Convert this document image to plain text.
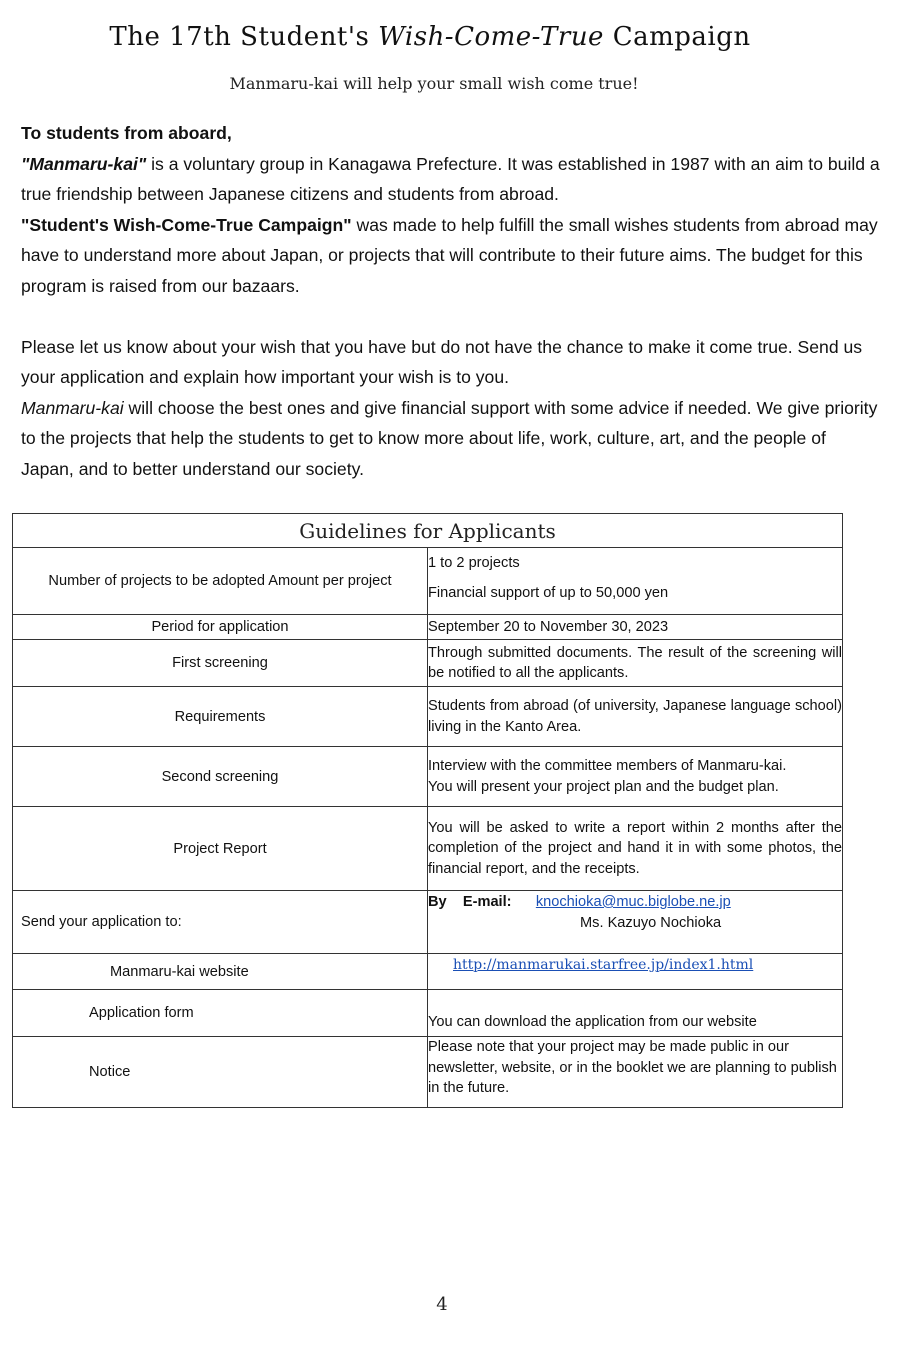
The 17th Student's Wish-Come-True Campaign
Manmaru-kai will help your small wish come true!

To students from aboard,

"Manmaru-kai" is a voluntary group in Kanagawa Prefecture. It was established in 1987 with an aim to build a true friendship between Japanese citizens and students from abroad.

"Student's Wish-Come-True Campaign" was made to help fulfill the small wishes students from abroad may have to understand more about Japan, or projects that will contribute to their future aims. The budget for this program is raised from our bazaars.

Please let us know about your wish that you have but do not have the chance to make it come true. Send us your application and explain how important your wish is to you.

Manmaru-kai will choose the best ones and give financial support with some advice if needed. We give priority to the projects that help the students to get to know more about life, work, culture, art, and the people of Japan, and to better understand our society.

Guidelines for Applicants	
Number of projects to be adopted Amount per project	1 to 2 projects
Financial support of up to 50,000 yen

Period for application	September 20 to November 30, 2023
First screening	Through submitted documents. The result of the screening will be notified to all the applicants.
Requirements	Students from abroad (of university, Japanese language school) living in the Kanto Area.
Second screening	Interview with the committee members of Manmaru-kai.
You will present your project plan and the budget plan.

Project Report	You will be asked to write a report within 2 months after the completion of the project and hand it in with some photos, the financial report, and the receipts.
Send your application to:	By E-mail: knochioka@muc.biglobe.ne.jp
Ms. Kazuyo Nochioka

Manmaru-kai website	http://manmarukai.starfree.jp/index1.html
Application form	You can download the application from our website
Notice	Please note that your project may be made public in our newsletter, website, or in the booklet we are planning to publish in the future.
4
